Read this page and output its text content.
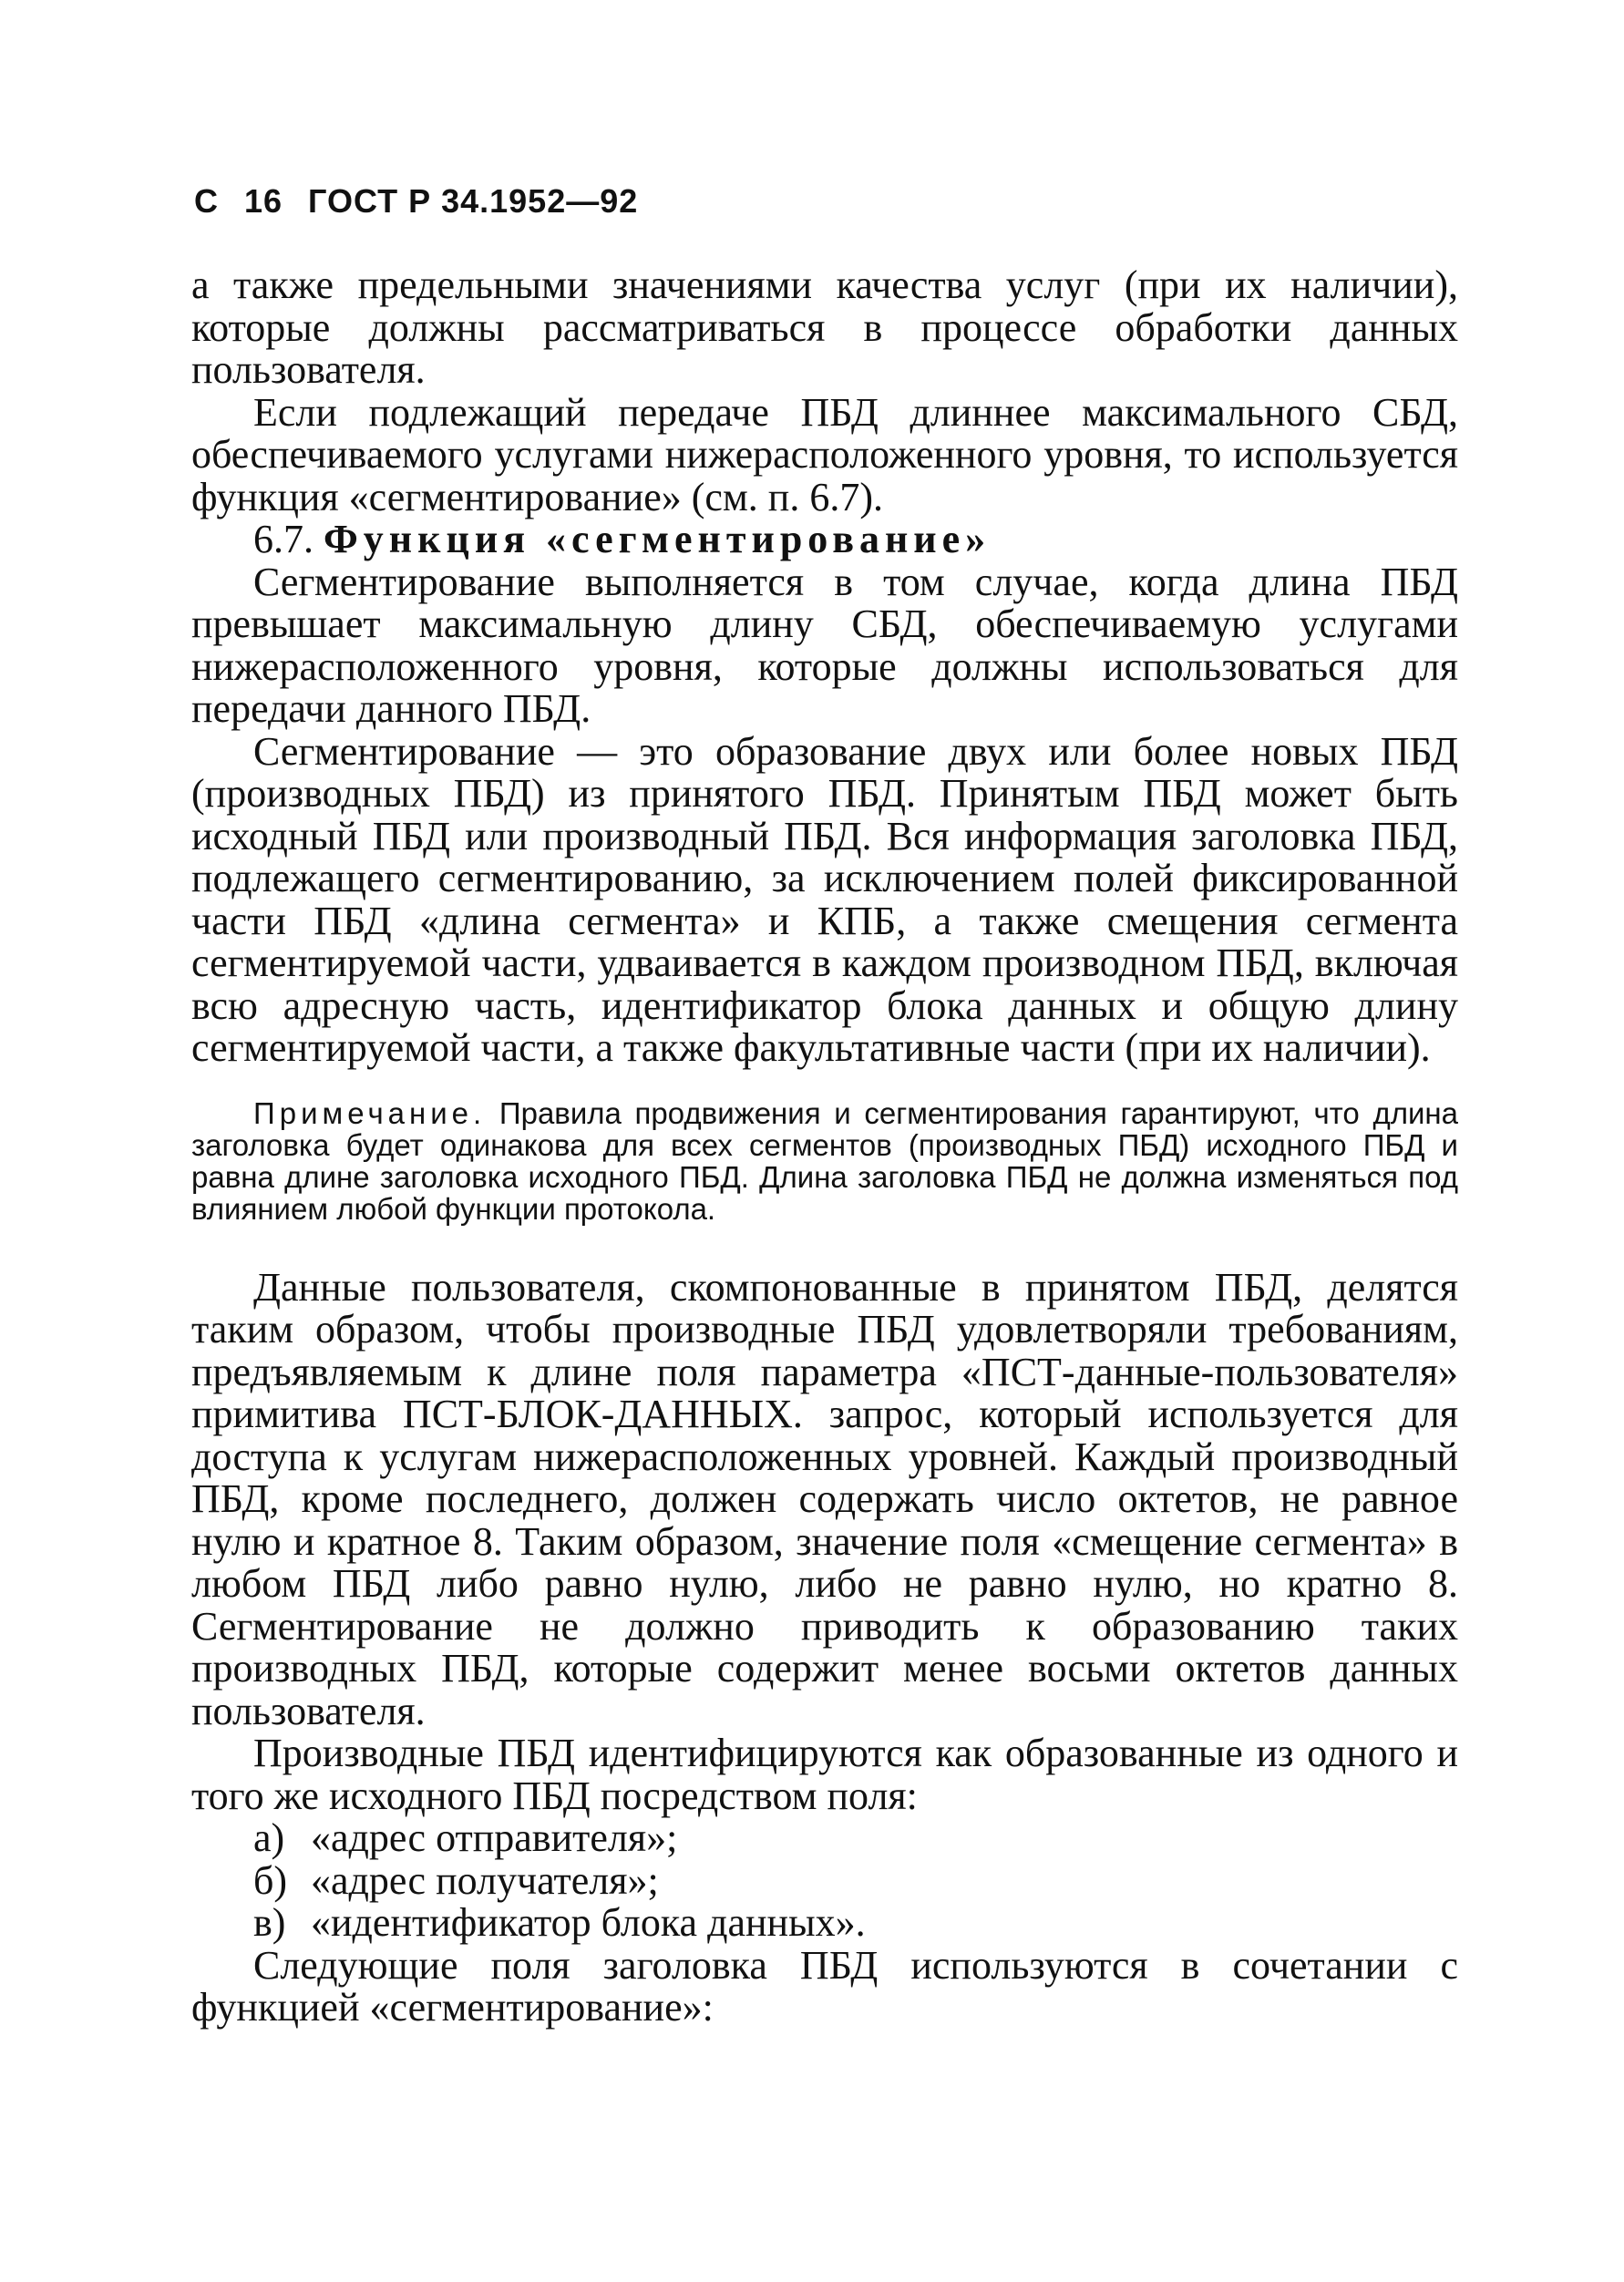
С 16 ГОСТ Р 34.1952—92

а также предельными значениями качества услуг (при их наличии), которые должны рассматриваться в процессе обработки данных пользователя.

Если подлежащий передаче ПБД длиннее максимального СБД, обеспечиваемого услугами нижерасположенного уровня, то используется функция «сегментирование» (см. п. 6.7).

6.7. Функция «сегментирование»

Сегментирование выполняется в том случае, когда длина ПБД превышает максимальную длину СБД, обеспечиваемую услугами нижерасположенного уровня, которые должны использоваться для передачи данного ПБД.

Сегментирование — это образование двух или более новых ПБД (производных ПБД) из принятого ПБД. Принятым ПБД может быть исходный ПБД или производный ПБД. Вся информация заголовка ПБД, подлежащего сегментированию, за исключением полей фиксированной части ПБД «длина сегмента» и КПБ, а также смещения сегмента сегментируемой части, удваивается в каждом производном ПБД, включая всю адресную часть, идентификатор блока данных и общую длину сегментируемой части, а также факультативные части (при их наличии).

Примечание. Правила продвижения и сегментирования гарантируют, что длина заголовка будет одинакова для всех сегментов (производных ПБД) исходного ПБД и равна длине заголовка исходного ПБД. Длина заголовка ПБД не должна изменяться под влиянием любой функции протокола.

Данные пользователя, скомпонованные в принятом ПБД, делятся таким образом, чтобы производные ПБД удовлетворяли требованиям, предъявляемым к длине поля параметра «ПСТ-данные-пользователя» примитива ПСТ-БЛОК-ДАННЫХ. запрос, который используется для доступа к услугам нижерасположенных уровней. Каждый производный ПБД, кроме последнего, должен содержать число октетов, не равное нулю и кратное 8. Таким образом, значение поля «смещение сегмента» в любом ПБД либо равно нулю, либо не равно нулю, но кратно 8. Сегментирование не должно приводить к образованию таких производных ПБД, которые содержит менее восьми октетов данных пользователя.

Производные ПБД идентифицируются как образованные из одного и того же исходного ПБД посредством поля:

а) «адрес отправителя»;

б) «адрес получателя»;

в) «идентификатор блока данных».

Следующие поля заголовка ПБД используются в сочетании с функцией «сегментирование»:
